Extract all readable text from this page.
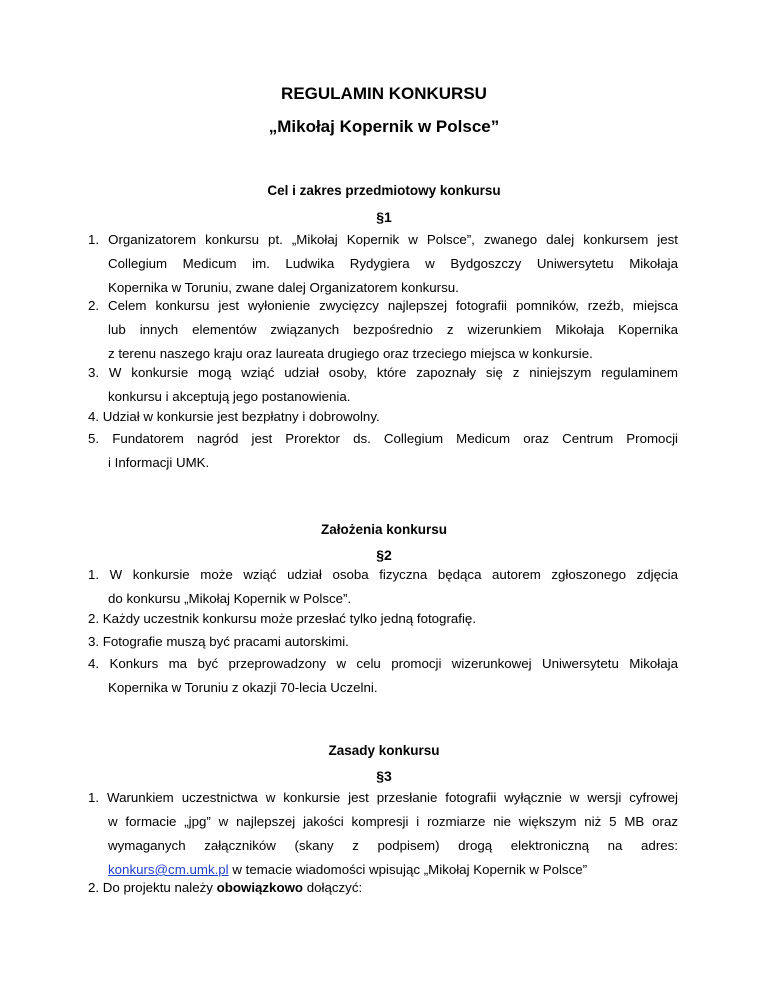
REGULAMIN KONKURSU
„Mikołaj Kopernik w Polsce”
Cel i zakres przedmiotowy konkursu
§1
1. Organizatorem konkursu pt. „Mikołaj Kopernik w Polsce”, zwanego dalej konkursem jest
Collegium Medicum im. Ludwika Rydygiera w Bydgoszczy Uniwersytetu Mikołaja
Kopernika w Toruniu, zwane dalej Organizatorem konkursu.
2. Celem konkursu jest wyłonienie zwycięzcy najlepszej fotografii pomników, rzeźb, miejsca
lub innych elementów związanych bezpośrednio z wizerunkiem Mikołaja Kopernika
z terenu naszego kraju oraz laureata drugiego oraz trzeciego miejsca w konkursie.
3. W konkursie mogą wziąć udział osoby, które zapoznały się z niniejszym regulaminem
konkursu i akceptują jego postanowienia.
4. Udział w konkursie jest bezpłatny i dobrowolny.
5. Fundatorem nagród jest Prorektor ds. Collegium Medicum oraz Centrum Promocji
i Informacji UMK.
Założenia konkursu
§2
1. W konkursie może wziąć udział osoba fizyczna będąca autorem zgłoszonego zdjęcia
do konkursu „Mikołaj Kopernik w Polsce”.
2. Każdy uczestnik konkursu może przesłać tylko jedną fotografię.
3. Fotografie muszą być pracami autorskimi.
4. Konkurs ma być przeprowadzony w celu promocji wizerunkowej Uniwersytetu Mikołaja
Kopernika w Toruniu z okazji 70-lecia Uczelni.
Zasady konkursu
§3
1. Warunkiem uczestnictwa w konkursie jest przesłanie fotografii wyłącznie w wersji cyfrowej
w formacie „jpg” w najlepszej jakości kompresji i rozmiarze nie większym niż 5 MB oraz
wymaganych załączników (skany z podpisem) drogą elektroniczną na adres:
konkurs@cm.umk.pl w temacie wiadomości wpisując „Mikołaj Kopernik w Polsce”
2. Do projektu należy obowiązkowo dołączyć:
